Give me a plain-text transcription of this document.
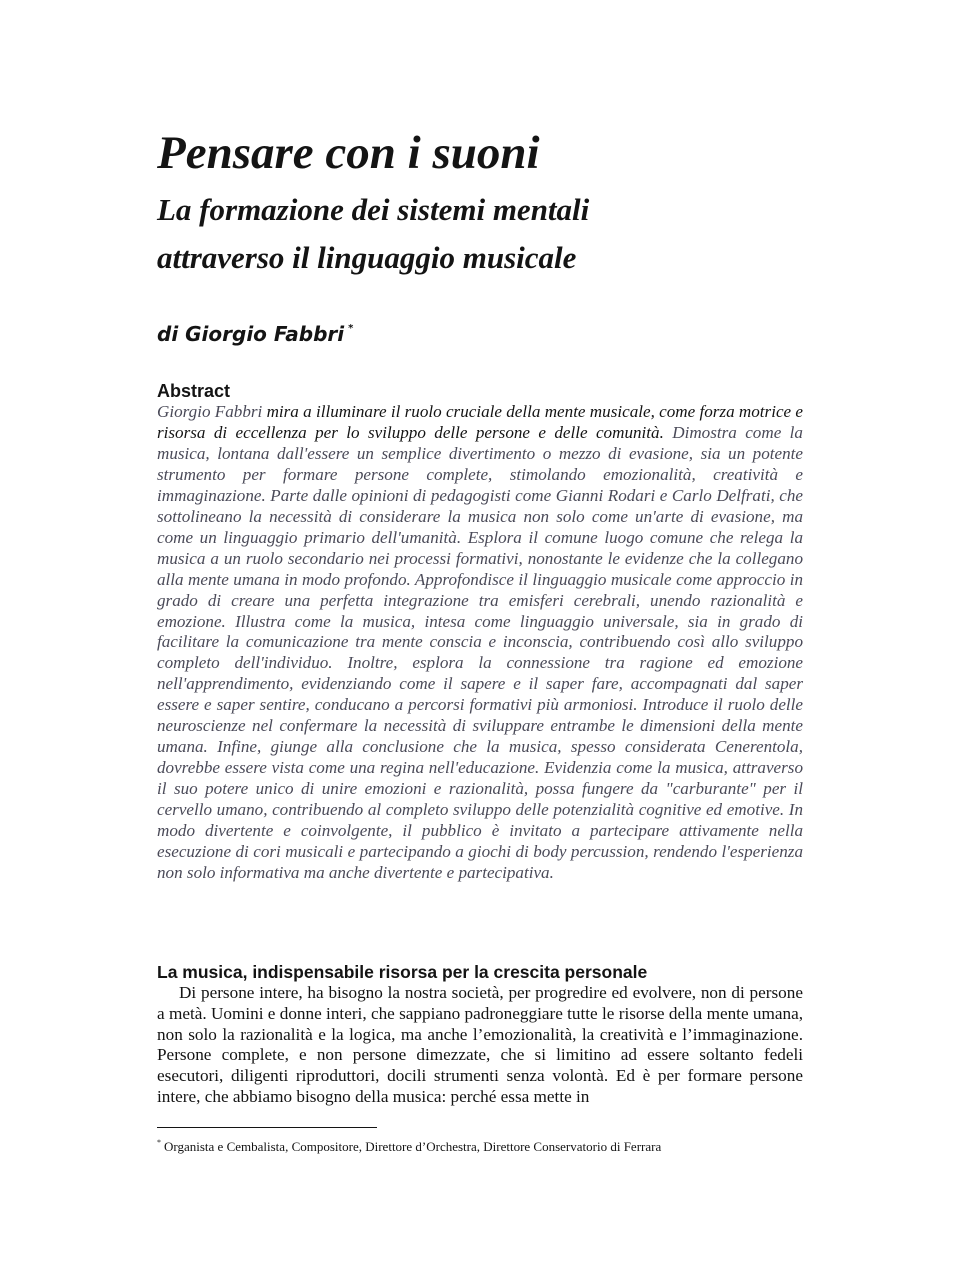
Pensare con i suoni
La formazione dei sistemi mentali
attraverso il linguaggio musicale
di Giorgio Fabbri *
Abstract

Giorgio Fabbri mira a illuminare il ruolo cruciale della mente musicale, come forza motrice e risorsa di eccellenza per lo sviluppo delle persone e delle comunità. Dimostra come la musica, lontana dall'essere un semplice divertimento o mezzo di evasione, sia un potente strumento per formare persone complete, stimolando emozionalità, creatività e immaginazione. Parte dalle opinioni di pedagogisti come Gianni Rodari e Carlo Delfrati, che sottolineano la necessità di considerare la musica non solo come un'arte di evasione, ma come un linguaggio primario dell'umanità. Esplora il comune luogo comune che relega la musica a un ruolo secondario nei processi formativi, nonostante le evidenze che la collegano alla mente umana in modo profondo. Approfondisce il linguaggio musicale come approccio in grado di creare una perfetta integrazione tra emisferi cerebrali, unendo razionalità e emozione. Illustra come la musica, intesa come linguaggio universale, sia in grado di facilitare la comunicazione tra mente conscia e inconscia, contribuendo così allo sviluppo completo dell'individuo. Inoltre, esplora la connessione tra ragione ed emozione nell'apprendimento, evidenziando come il sapere e il saper fare, accompagnati dal saper essere e saper sentire, conducano a percorsi formativi più armoniosi. Introduce il ruolo delle neuroscienze nel confermare la necessità di sviluppare entrambe le dimensioni della mente umana. Infine, giunge alla conclusione che la musica, spesso considerata Cenerentola, dovrebbe essere vista come una regina nell'educazione. Evidenzia come la musica, attraverso il suo potere unico di unire emozioni e razionalità, possa fungere da "carburante" per il cervello umano, contribuendo al completo sviluppo delle potenzialità cognitive ed emotive. In modo divertente e coinvolgente, il pubblico è invitato a partecipare attivamente nella esecuzione di cori musicali e partecipando a giochi di body percussion, rendendo l'esperienza non solo informativa ma anche divertente e partecipativa.

La musica, indispensabile risorsa per la crescita personale

Di persone intere, ha bisogno la nostra società, per progredire ed evolvere, non di persone a metà. Uomini e donne interi, che sappiano padroneggiare tutte le risorse della mente umana, non solo la razionalità e la logica, ma anche l’emozionalità, la creatività e l’immaginazione. Persone complete, e non persone dimezzate, che si limitino ad essere soltanto fedeli esecutori, diligenti riproduttori, docili strumenti senza volontà. Ed è per formare persone intere, che abbiamo bisogno della musica: perché essa mette in

* Organista e Cembalista, Compositore, Direttore d’Orchestra, Direttore Conservatorio di Ferrara
